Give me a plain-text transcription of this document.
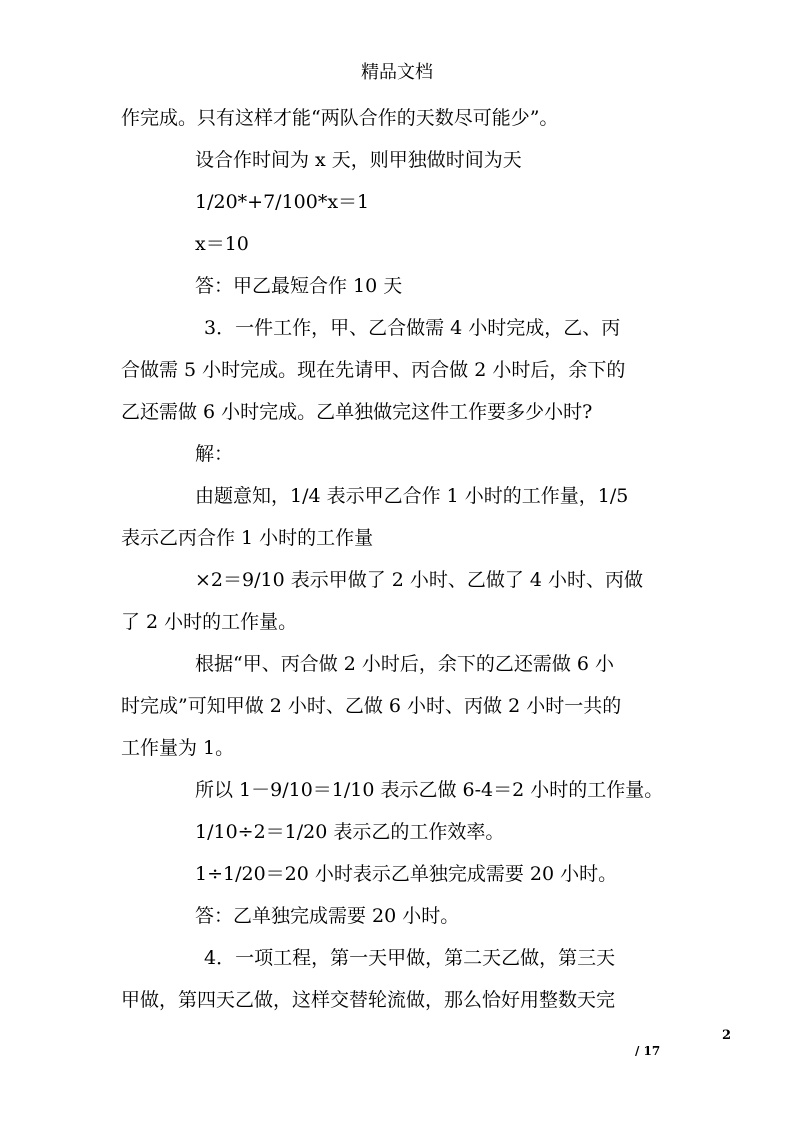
精品文档
作完成。只有这样才能“两队合作的天数尽可能少”。
设合作时间为 x 天，则甲独做时间为天
1/20*+7/100*x＝1
x＝10
答：甲乙最短合作 10 天
3．一件工作，甲、乙合做需 4 小时完成，乙、丙
合做需 5 小时完成。现在先请甲、丙合做 2 小时后，余下的
乙还需做 6 小时完成。乙单独做完这件工作要多少小时?
解：
由题意知，1/4 表示甲乙合作 1 小时的工作量，1/5
表示乙丙合作 1 小时的工作量
×2＝9/10 表示甲做了 2 小时、乙做了 4 小时、丙做
了 2 小时的工作量。
根据“甲、丙合做 2 小时后，余下的乙还需做 6 小
时完成”可知甲做 2 小时、乙做 6 小时、丙做 2 小时一共的
工作量为 1。
所以 1－9/10＝1/10 表示乙做 6-4＝2 小时的工作量。
1/10÷2＝1/20 表示乙的工作效率。
1÷1/20＝20 小时表示乙单独完成需要 20 小时。
答：乙单独完成需要 20 小时。
4．一项工程，第一天甲做，第二天乙做，第三天
甲做，第四天乙做，这样交替轮流做，那么恰好用整数天完
2
/ 17
